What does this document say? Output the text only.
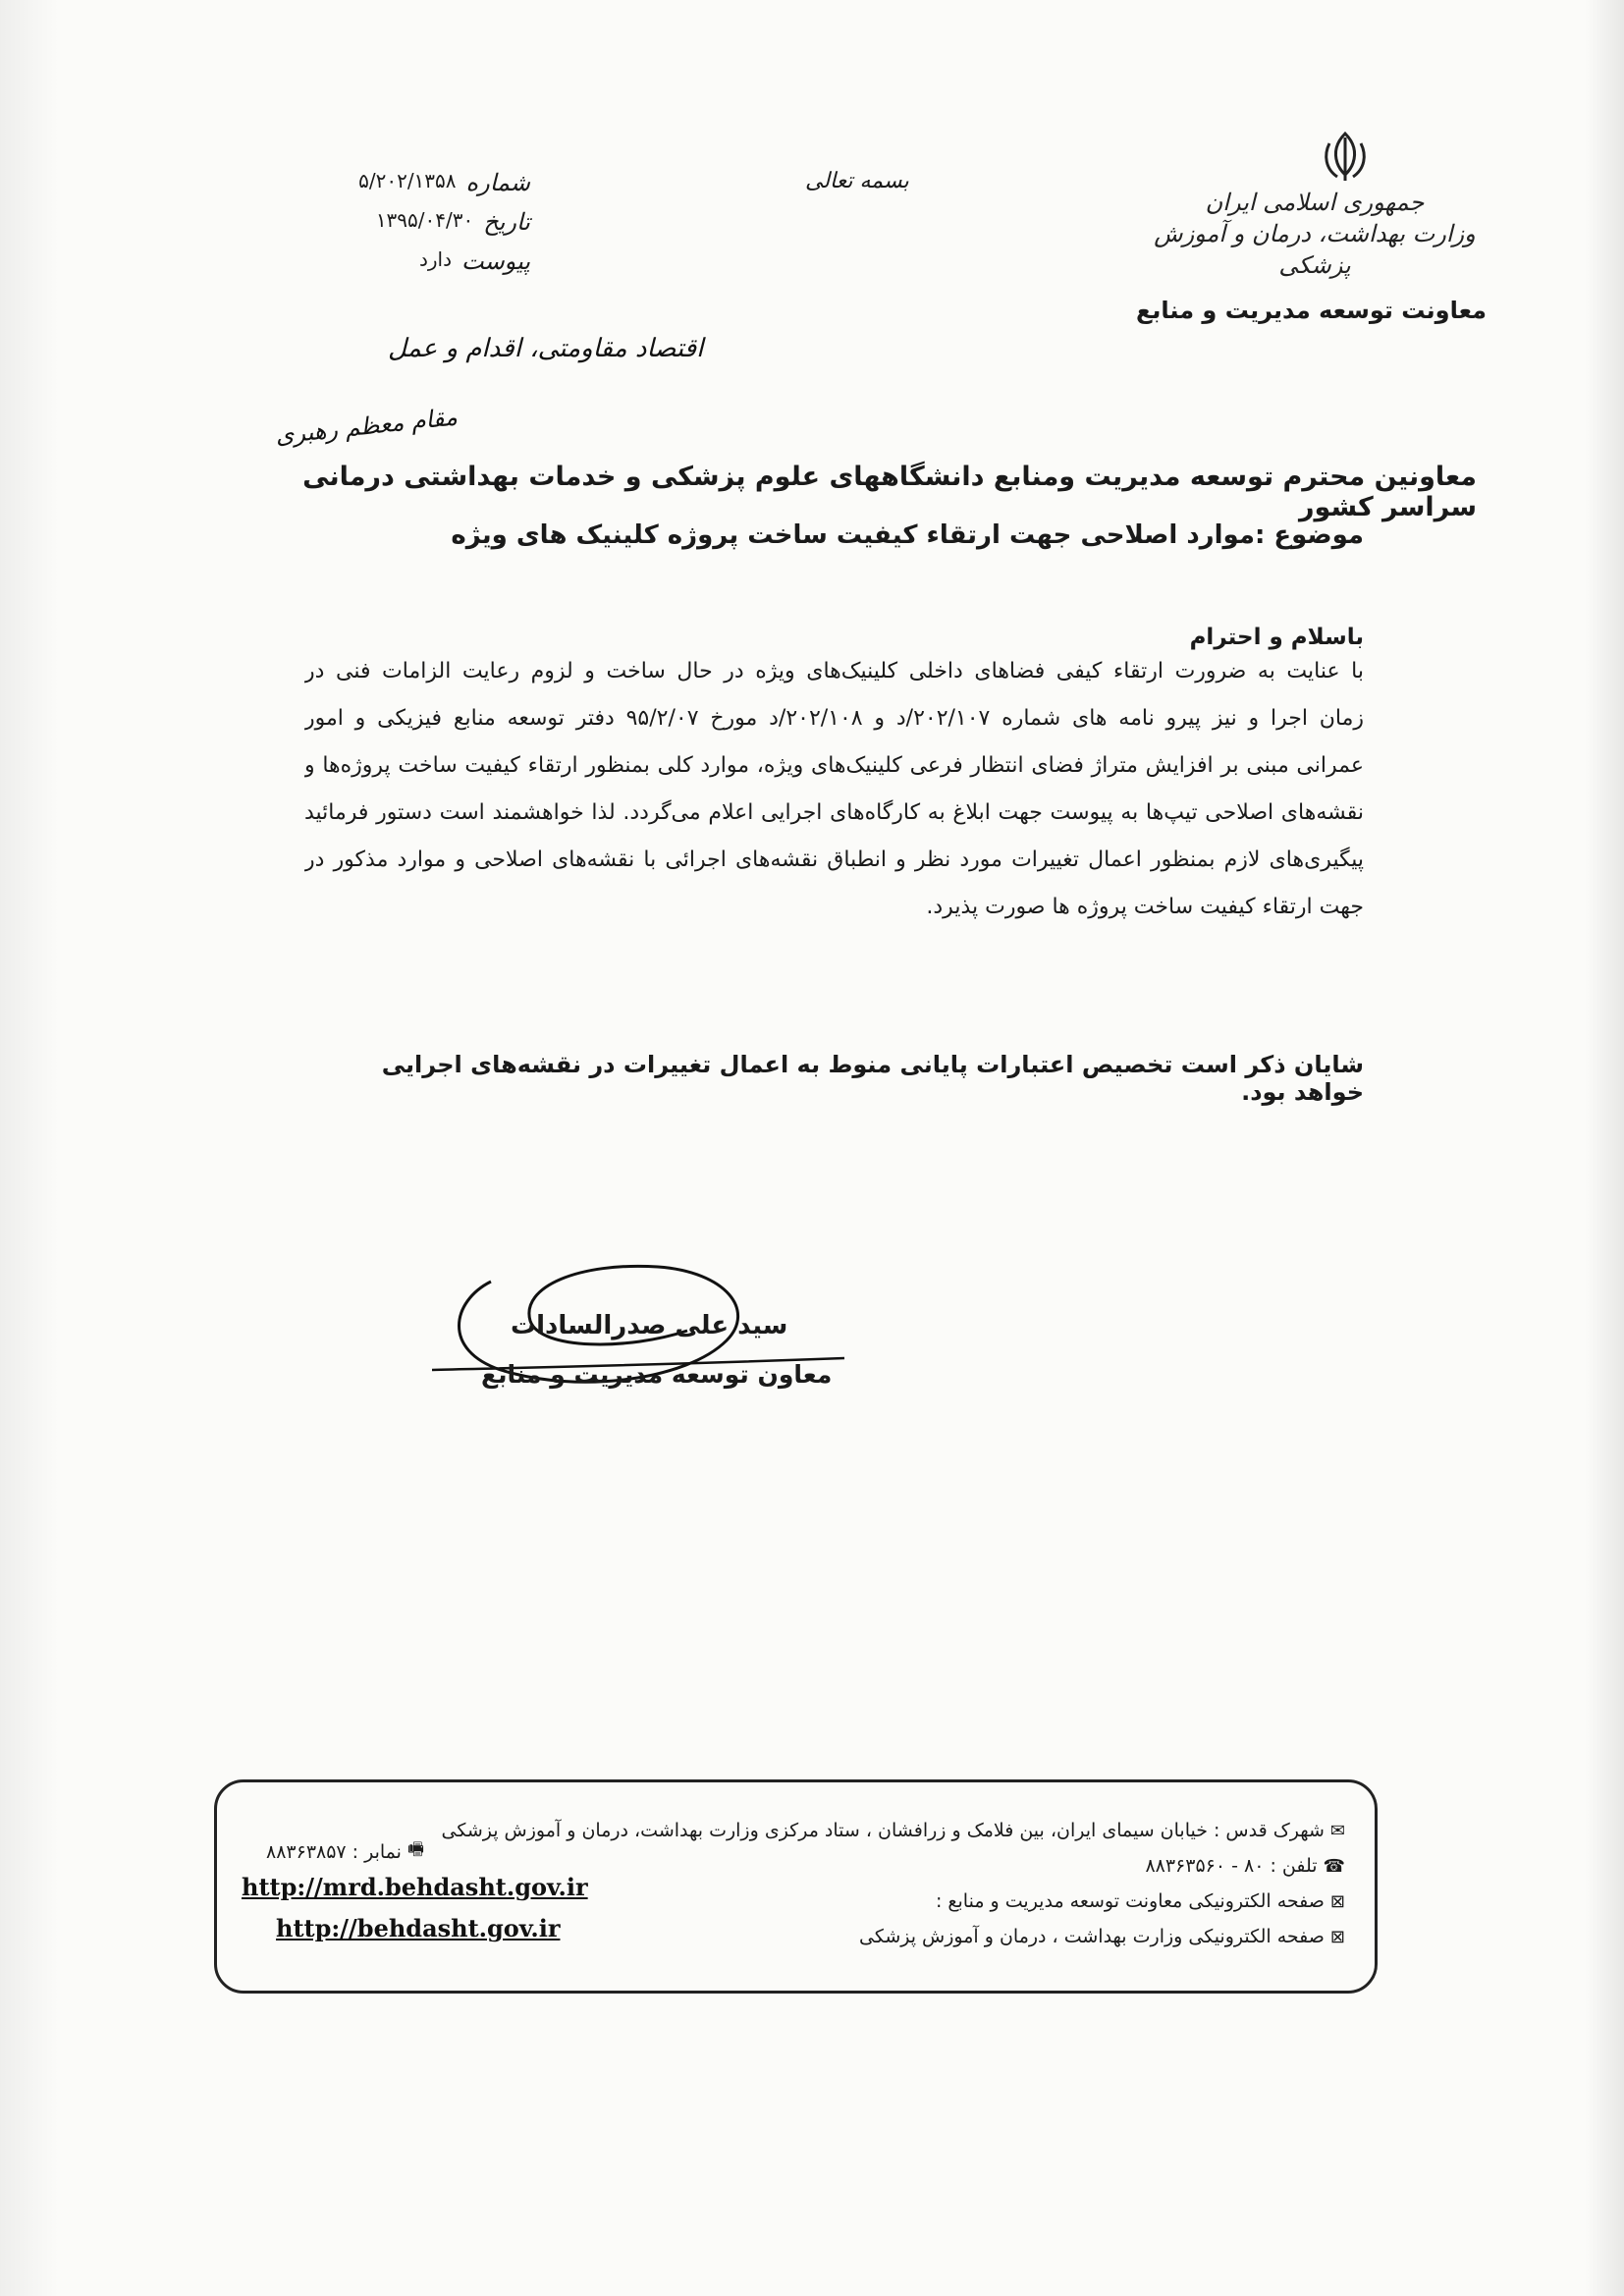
جمهوری اسلامی ایران
وزارت بهداشت، درمان و آموزش پزشکی
معاونت توسعه مدیریت و منابع
بسمه تعالی
شماره
۵/۲۰۲/۱۳۵۸
تاریخ
۱۳۹۵/۰۴/۳۰
پیوست
دارد
اقتصاد مقاومتی، اقدام و عمل
مقام معظم رهبری
معاونین محترم توسعه مدیریت ومنابع دانشگاههای علوم پزشکی و خدمات بهداشتی درمانی سراسر کشور
موضوع :موارد اصلاحی جهت ارتقاء کیفیت ساخت پروژه کلینیک های ویژه
باسلام و احترام
با عنایت به ضرورت ارتقاء کیفی فضاهای داخلی کلینیک‌های ویژه در حال ساخت و لزوم رعایت الزامات فنی در
زمان اجرا و نیز پیرو نامه های شماره ۲۰۲/۱۰۷/د و ۲۰۲/۱۰۸/د مورخ ۹۵/۲/۰۷ دفتر توسعه منابع فیزیکی و امور
عمرانی مبنی بر افزایش متراژ فضای انتظار فرعی کلینیک‌های ویژه، موارد کلی بمنظور ارتقاء کیفیت ساخت پروژه‌ها و
نقشه‌های اصلاحی تیپ‌ها به پیوست جهت ابلاغ به کارگاه‌های اجرایی اعلام می‌گردد. لذا خواهشمند است دستور فرمائید
پیگیری‌های لازم بمنظور اعمال تغییرات مورد نظر و انطباق نقشه‌های اجرائی با نقشه‌های اصلاحی و موارد مذکور در
جهت ارتقاء کیفیت ساخت پروژه ها صورت پذیرد.
شایان ذکر است تخصیص اعتبارات پایانی منوط به اعمال تغییرات در نقشه‌های اجرایی خواهد بود.
سید علی صدرالسادات
معاون توسعه مدیریت و منابع
✉
شهرک قدس : خیابان سیمای ایران، بین فلامک و زرافشان ، ستاد مرکزی وزارت بهداشت، درمان و آموزش پزشکی
☎
تلفن : ۸۰ - ۸۸۳۶۳۵۶۰
🖷
نمابر : ۸۸۳۶۳۸۵۷
⊠
صفحه الکترونیکی معاونت توسعه مدیریت و منابع :
⊠
صفحه الکترونیکی وزارت بهداشت ، درمان و آموزش پزشکی
http://mrd.behdasht.gov.ir
http://behdasht.gov.ir
